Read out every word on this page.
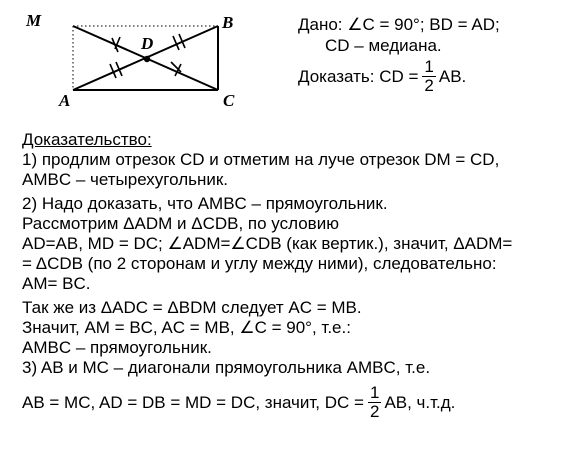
M	B
D
A	C
Дано: ∠C = 90°; BD = AD;
CD – медиана.
Доказать: CD = $\frac{1}{2}$ AB.
Доказательство:
1) продлим отрезок CD и отметим на луче отрезок DM = CD,
AMBC – четырехугольник.
2) Надо доказать, что AMBC – прямоугольник.
Рассмотрим ΔADM и ΔCDB, по условию
AD=AB, MD = DC; ∠ADM=∠CDB (как вертик.), значит, ΔADM=
= ΔCDB (по 2 сторонам и углу между ними), следовательно:
AM= BC.
Так же из ΔADC = ΔBDM следует AC = MB.
Значит, AM = BC, AC = MB, ∠C = 90°, т.е.:
AMBC – прямоугольник.
3) AB и MC – диагонали прямоугольника AMBC, т.е.
AB = MC, AD = DB = MD = DC, значит, DC = $\frac{1}{2}$ AB, ч.т.д.
